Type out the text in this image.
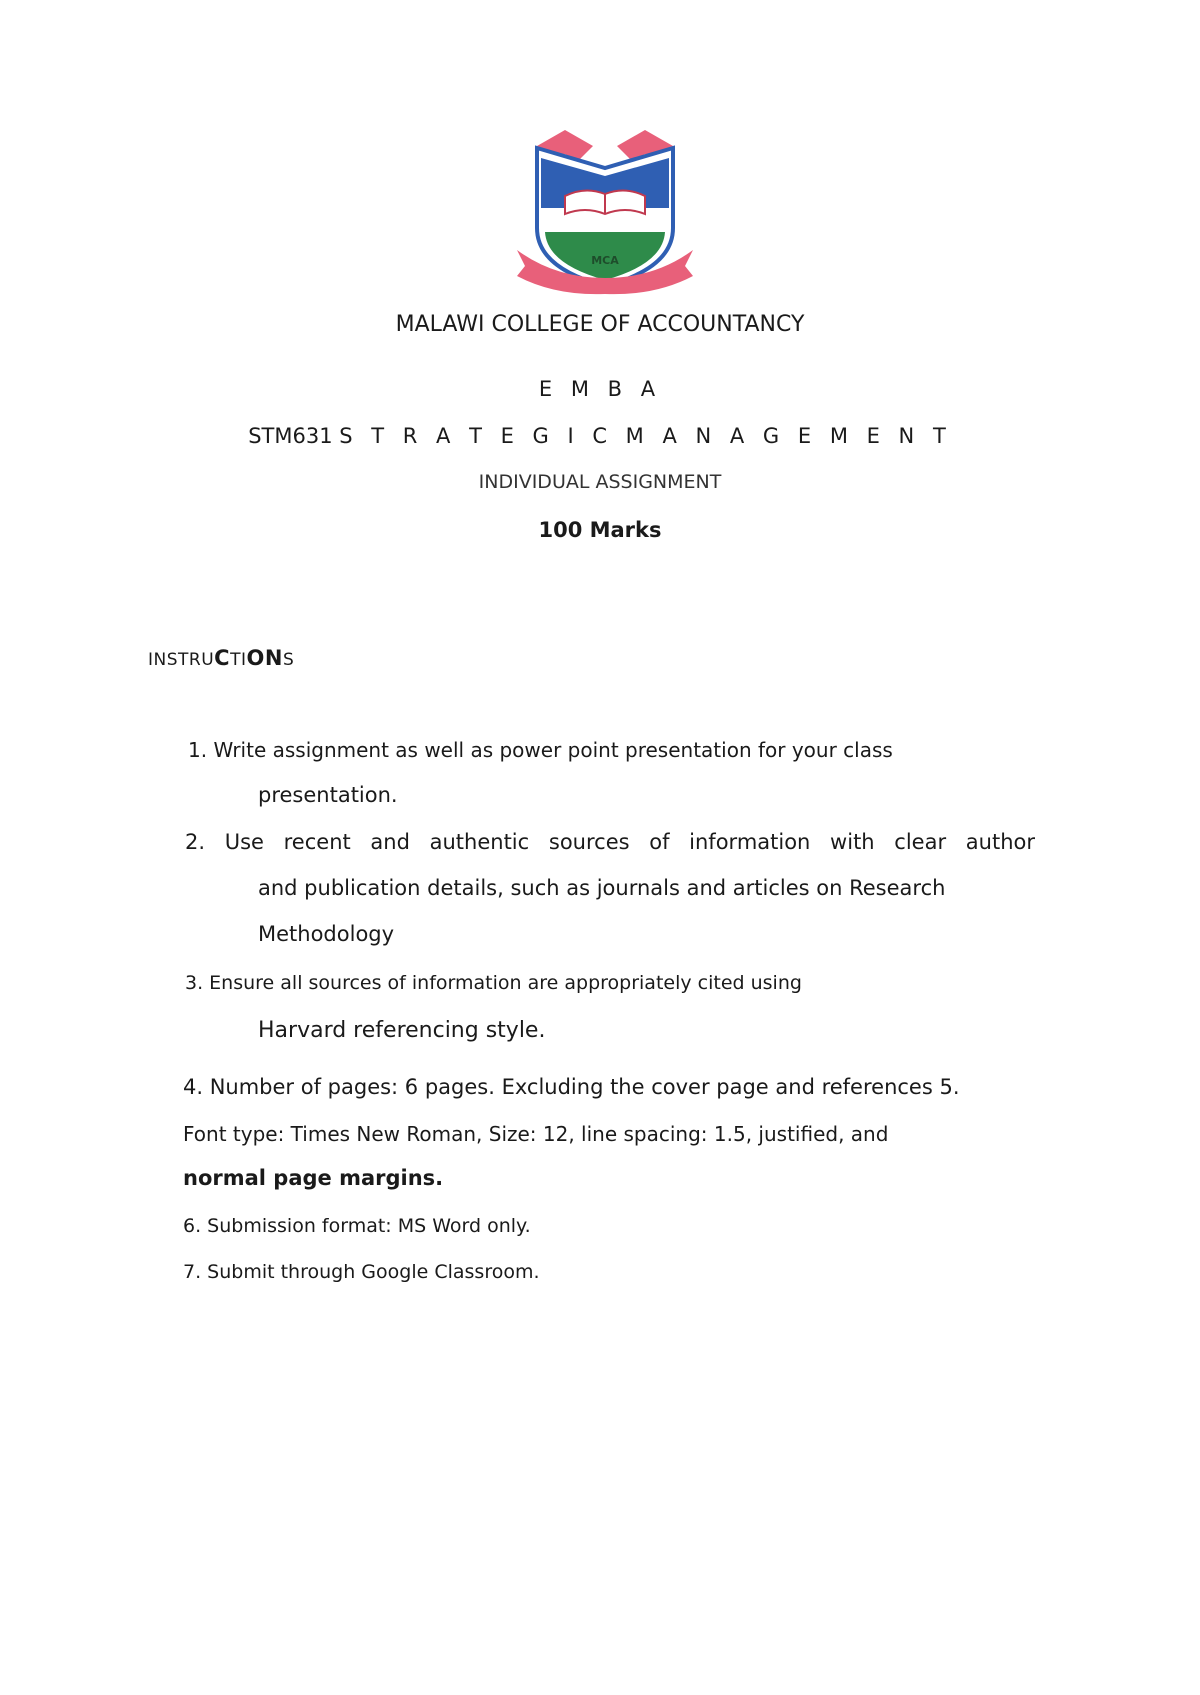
MCA
MALAWI COLLEGE OF ACCOUNTANCY
E M B A
STM631 S T R A T E G I C M A N A G E M E N T
INDIVIDUAL ASSIGNMENT
100 Marks
INSTRUCTIONS
1. Write assignment as well as power point presentation for your class
presentation.
2. Use recent and authentic sources of information with clear author
and publication details, such as journals and articles on Research
Methodology
3. Ensure all sources of information are appropriately cited using
Harvard referencing style.
4. Number of pages: 6 pages. Excluding the cover page and references 5.
Font type: Times New Roman, Size: 12, line spacing: 1.5, justified, and
normal page margins.
6. Submission format: MS Word only.
7. Submit through Google Classroom.
